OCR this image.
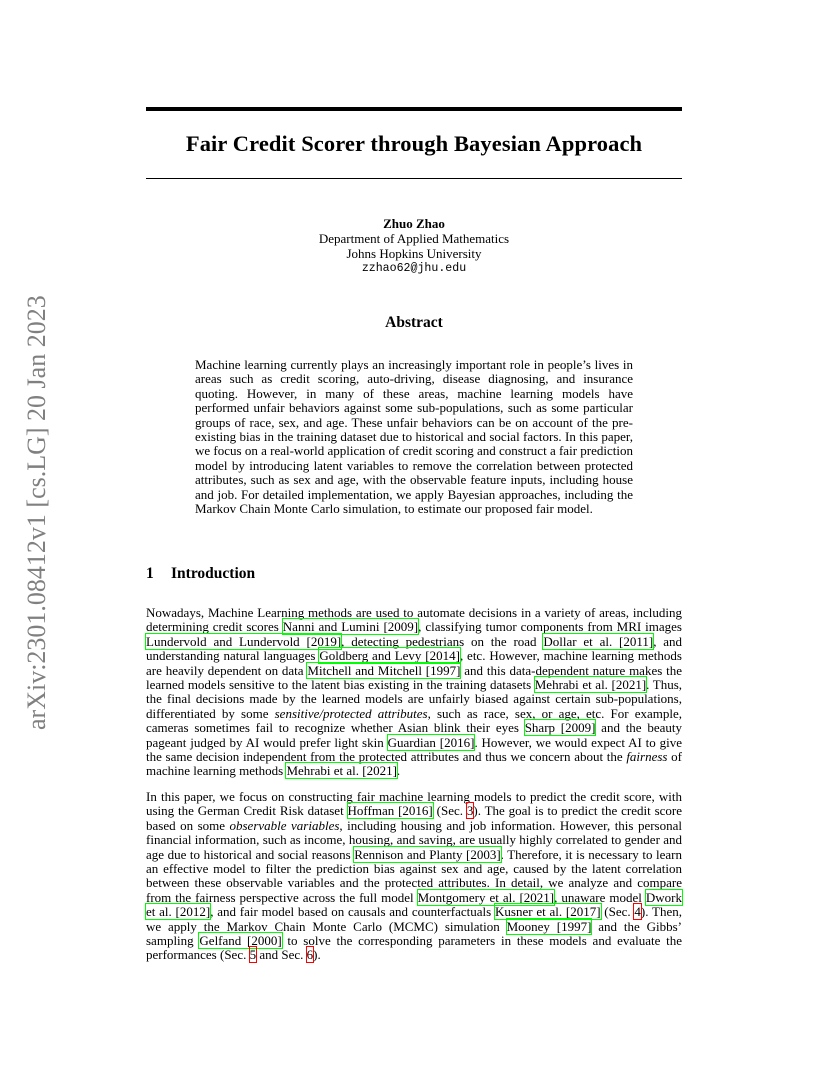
arXiv:2301.08412v1 [cs.LG] 20 Jan 2023
Fair Credit Scorer through Bayesian Approach
Zhuo Zhao
Department of Applied Mathematics
Johns Hopkins University
zzhao62@jhu.edu
Abstract

Machine learning currently plays an increasingly important role in people’s lives in areas such as credit scoring, auto-driving, disease diagnosing, and insurance quoting. However, in many of these areas, machine learning models have performed unfair behaviors against some sub-populations, such as some particular groups of race, sex, and age. These unfair behaviors can be on account of the pre-existing bias in the training dataset due to historical and social factors. In this paper, we focus on a real-world application of credit scoring and construct a fair prediction model by introducing latent variables to remove the correlation between protected attributes, such as sex and age, with the observable feature inputs, including house and job. For detailed implementation, we apply Bayesian approaches, including the Markov Chain Monte Carlo simulation, to estimate our proposed fair model.

1 Introduction

Nowadays, Machine Learning methods are used to automate decisions in a variety of areas, including determining credit scores Nanni and Lumini [2009], classifying tumor components from MRI images Lundervold and Lundervold [2019], detecting pedestrians on the road Dollar et al. [2011], and understanding natural languages Goldberg and Levy [2014], etc. However, machine learning methods are heavily dependent on data Mitchell and Mitchell [1997] and this data-dependent nature makes the learned models sensitive to the latent bias existing in the training datasets Mehrabi et al. [2021]. Thus, the final decisions made by the learned models are unfairly biased against certain sub-populations, differentiated by some sensitive/protected attributes, such as race, sex, or age, etc. For example, cameras sometimes fail to recognize whether Asian blink their eyes Sharp [2009] and the beauty pageant judged by AI would prefer light skin Guardian [2016]. However, we would expect AI to give the same decision independent from the protected attributes and thus we concern about the fairness of machine learning methods Mehrabi et al. [2021].

In this paper, we focus on constructing fair machine learning models to predict the credit score, with using the German Credit Risk dataset Hoffman [2016] (Sec. 3). The goal is to predict the credit score based on some observable variables, including housing and job information. However, this personal financial information, such as income, housing, and saving, are usually highly correlated to gender and age due to historical and social reasons Rennison and Planty [2003]. Therefore, it is necessary to learn an effective model to filter the prediction bias against sex and age, caused by the latent correlation between these observable variables and the protected attributes. In detail, we analyze and compare from the fairness perspective across the full model Montgomery et al. [2021], unaware model Dwork et al. [2012], and fair model based on causals and counterfactuals Kusner et al. [2017] (Sec. 4). Then, we apply the Markov Chain Monte Carlo (MCMC) simulation Mooney [1997] and the Gibbs’ sampling Gelfand [2000] to solve the corresponding parameters in these models and evaluate the performances (Sec. 5 and Sec. 6).
